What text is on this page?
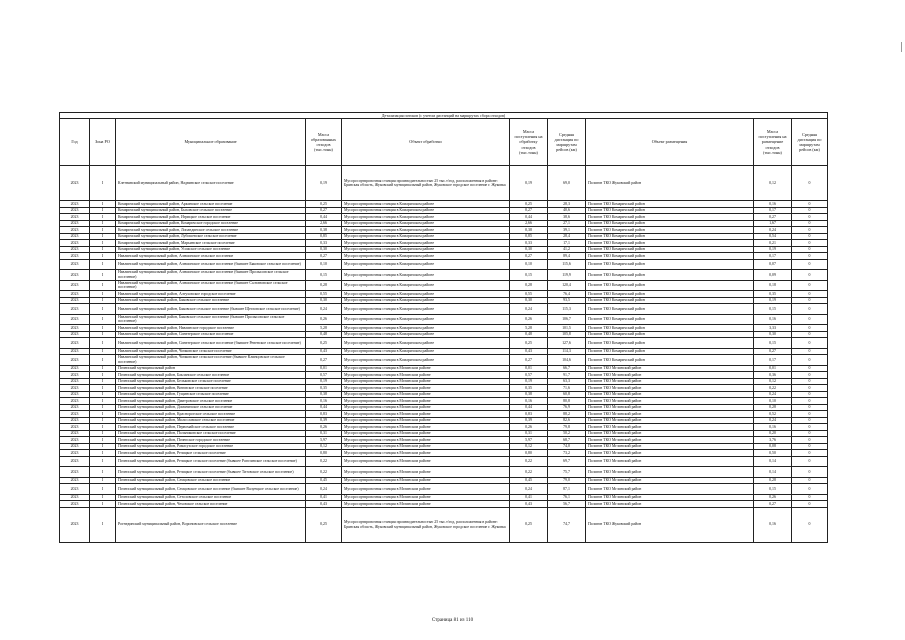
Детализация потоков (с учетом дистанций на маршрутах сбора отходов)									
Год	Зона РО	Муниципальное образование	Масса образованных отходов (тыс.тонн)	Объект обработки	Масса поступления на обработку отходов (тыс.тонн)	Средняя дистанция по маршрутам рейсов (км)	Объект размещения	Масса поступления на размещение отходов (тыс.тонн)	Средняя дистанция по маршрутам рейсов (км)
2023	I	Клетнянский муниципальный район, Надвинское сельское поселение	0,19	Мусоросортировочная станция производительностью 25 тыс.т/год, расположенная в районе: Брянская область, Жуковский муниципальный район, Жуковское городское поселение г. Жуковка	0,19	69,0	Полигон ТКО Жуковский район	0,12	0
2023	I	Комаричский муниципальный район, Аркинское сельское поселение	0,25	Мусоросортировочная станция в Комаричском районе	0,25	28,3	Полигон ТКО Комаричский район	0,16	0
2023	I	Комаричский муниципальный район, Быховское сельское поселение	0,27	Мусоросортировочная станция в Комаричском районе	0,27	40,6	Полигон ТКО Комаричский район	0,17	0
2023	I	Комаричский муниципальный район, Игрицкое сельское поселение	0,44	Мусоросортировочная станция в Комаричском районе	0,44	38,6	Полигон ТКО Комаричский район	0,27	0
2023	I	Комаричский муниципальный район, Комаричское городское поселение	2,66	Мусоросортировочная станция в Комаричском районе	2,66	27,1	Полигон ТКО Комаричский район	1,67	0
2023	I	Комаричский муниципальный район, Лопандинское сельское поселение	0,38	Мусоросортировочная станция в Комаричском районе	0,38	39,1	Полигон ТКО Комаричский район	0,24	0
2023	I	Комаричский муниципальный район, Лубошевское сельское поселение	0,85	Мусоросортировочная станция в Комаричском районе	0,85	28,4	Полигон ТКО Комаричский район	0,54	0
2023	I	Комаричский муниципальный район, Марьинское сельское поселение	0,33	Мусоросортировочная станция в Комаричском районе	0,33	17,1	Полигон ТКО Комаричский район	0,21	0
2023	I	Комаричский муниципальный район, Усожское сельское поселение	0,30	Мусоросортировочная станция в Комаричском районе	0,30	41,2	Полигон ТКО Комаричский район	0,19	0
2023	I	Навлинский муниципальный район, Алешинское сельское поселение	0,27	Мусоросортировочная станция в Комаричском районе	0,27	89,4	Полигон ТКО Комаричский район	0,17	0
2023	I	Навлинский муниципальный район, Алешинское сельское поселение (бывшее Бяковское сельское поселение)	0,10	Мусоросортировочная станция в Комаричском районе	0,10	115,6	Полигон ТКО Комаричский район	0,07	0
2023	I	Навлинский муниципальный район, Алешинское сельское поселение (бывшее Пролысовское сельское поселение)	0,15	Мусоросортировочная станция в Комаричском районе	0,15	119,9	Полигон ТКО Комаричский район	0,09	0
2023	I	Навлинский муниципальный район, Алешинское сельское поселение (бывшее Салтановское сельское поселение)	0,28	Мусоросортировочная станция в Комаричском районе	0,28	120,4	Полигон ТКО Комаричский район	0,18	0
2023	I	Навлинский муниципальный район, Алтуховское городское поселение	0,55	Мусоросортировочная станция в Комаричском районе	0,55	76,4	Полигон ТКО Комаричский район	0,35	0
2023	I	Навлинский муниципальный район, Бяковское сельское поселение	0,30	Мусоросортировочная станция в Комаричском районе	0,30	93,5	Полигон ТКО Комаричский район	0,19	0
2023	I	Навлинский муниципальный район, Бяковское сельское поселение (бывшее Щегловское сельское поселение)	0,24	Мусоросортировочная станция в Комаричском районе	0,24	115,3	Полигон ТКО Комаричский район	0,15	0
2023	I	Навлинский муниципальный район, Бяковское сельское поселение (бывшее Пролысовское сельское поселение)	0,26	Мусоросортировочная станция в Комаричском районе	0,26	106,7	Полигон ТКО Комаричский район	0,16	0
2023	I	Навлинский муниципальный район, Навлинское городское поселение	5,28	Мусоросортировочная станция в Комаричском районе	5,28	101,5	Полигон ТКО Комаричский район	3,33	0
2023	I	Навлинский муниципальный район, Синезерское сельское поселение	0,48	Мусоросортировочная станция в Комаричском районе	0,48	105,8	Полигон ТКО Комаричский район	0,30	0
2023	I	Навлинский муниципальный район, Синезерское сельское поселение (бывшее Ревенское сельское поселение)	0,25	Мусоросортировочная станция в Комаричском районе	0,25	127,6	Полигон ТКО Комаричский район	0,15	0
2023	I	Навлинский муниципальный район, Чичковское сельское поселение	0,43	Мусоросортировочная станция в Комаричском районе	0,43	114,3	Полигон ТКО Комаричский район	0,27	0
2023	I	Навлинский муниципальный район, Чичковское сельское поселение (бывшее Клинцовское сельское поселение)	0,27	Мусоросортировочная станция в Комаричском районе	0,27	104,6	Полигон ТКО Комаричский район	0,17	0
2023	I	Почепский муниципальный район	0,01	Мусоросортировочная станция в Мглинском районе	0,01	66,7	Полигон ТКО Мглинский район	0,01	0
2023	I	Почепский муниципальный район, Бакланское сельское поселение	0,57	Мусоросортировочная станция в Мглинском районе	0,57	91,7	Полигон ТКО Мглинский район	0,36	0
2023	I	Почепский муниципальный район, Бельковское сельское поселение	0,19	Мусоросортировочная станция в Мглинском районе	0,19	63,3	Полигон ТКО Мглинский район	0,12	0
2023	I	Почепский муниципальный район, Витовское сельское поселение	0,35	Мусоросортировочная станция в Мглинском районе	0,35	71,6	Полигон ТКО Мглинский район	0,22	0
2023	I	Почепский муниципальный район, Гущинское сельское поселение	0,38	Мусоросортировочная станция в Мглинском районе	0,38	60,8	Полигон ТКО Мглинский район	0,24	0
2023	I	Почепский муниципальный район, Дмитровское сельское поселение	0,16	Мусоросортировочная станция в Мглинском районе	0,16	80,8	Полигон ТКО Мглинский район	0,10	0
2023	I	Почепский муниципальный район, Доманичское сельское поселение	0,44	Мусоросортировочная станция в Мглинском районе	0,44	76,9	Полигон ТКО Мглинский район	0,28	0
2023	I	Почепский муниципальный район, Краснорогское сельское поселение	0,83	Мусоросортировочная станция в Мглинском районе	0,83	88,2	Полигон ТКО Мглинский район	0,52	0
2023	I	Почепский муниципальный район, Милославское сельское поселение	0,39	Мусоросортировочная станция в Мглинском районе	0,39	82,6	Полигон ТКО Мглинский район	0,24	0
2023	I	Почепский муниципальный район, Первомайское сельское поселение	0,26	Мусоросортировочная станция в Мглинском районе	0,26	79,8	Полигон ТКО Мглинский район	0,16	0
2023	I	Почепский муниципальный район, Польниковское сельское поселение	0,31	Мусоросортировочная станция в Мглинском районе	0,31	50,2	Полигон ТКО Мглинский район	0,20	0
2023	I	Почепский муниципальный район, Почепское городское поселение	5,97	Мусоросортировочная станция в Мглинском районе	5,97	68,7	Полигон ТКО Мглинский район	3,76	0
2023	I	Почепский муниципальный район, Рамасухское городское поселение	0,12	Мусоросортировочная станция в Мглинском районе	0,12	74,0	Полигон ТКО Мглинский район	0,08	0
2023	I	Почепский муниципальный район, Речицкое сельское поселение	0,80	Мусоросортировочная станция в Мглинском районе	0,80	73,2	Полигон ТКО Мглинский район	0,50	0
2023	I	Почепский муниципальный район, Речицкое сельское поселение (бывшее Рагозинское сельское поселение)	0,22	Мусоросортировочная станция в Мглинском районе	0,22	69,7	Полигон ТКО Мглинский район	0,14	0
2023	I	Почепский муниципальный район, Речицкое сельское поселение (бывшее Титовское сельское поселение)	0,22	Мусоросортировочная станция в Мглинском районе	0,22	75,7	Полигон ТКО Мглинский район	0,14	0
2023	I	Почепский муниципальный район, Семцовское сельское поселение	0,45	Мусоросортировочная станция в Мглинском районе	0,45	79,0	Полигон ТКО Мглинский район	0,28	0
2023	I	Почепский муниципальный район, Семцовское сельское поселение (бывшее Валуецкое сельское поселение)	0,24	Мусоросортировочная станция в Мглинском районе	0,24	87,1	Полигон ТКО Мглинский район	0,15	0
2023	I	Почепский муниципальный район, Сетоловское сельское поселение	0,41	Мусоросортировочная станция в Мглинском районе	0,41	76,1	Полигон ТКО Мглинский район	0,26	0
2023	I	Почепский муниципальный район, Чеховское сельское поселение	0,43	Мусоросортировочная станция в Мглинском районе	0,43	56,7	Полигон ТКО Мглинский район	0,27	0
2023	I	Рогнединский муниципальный район, Вороновское сельское поселение	0,25	Мусоросортировочная станция производительностью 25 тыс.т/год, расположенная в районе: Брянская область, Жуковский муниципальный район, Жуковское городское поселение г. Жуковка	0,25	74,7	Полигон ТКО Жуковский район	0,16	0
Страница 81 из 110
